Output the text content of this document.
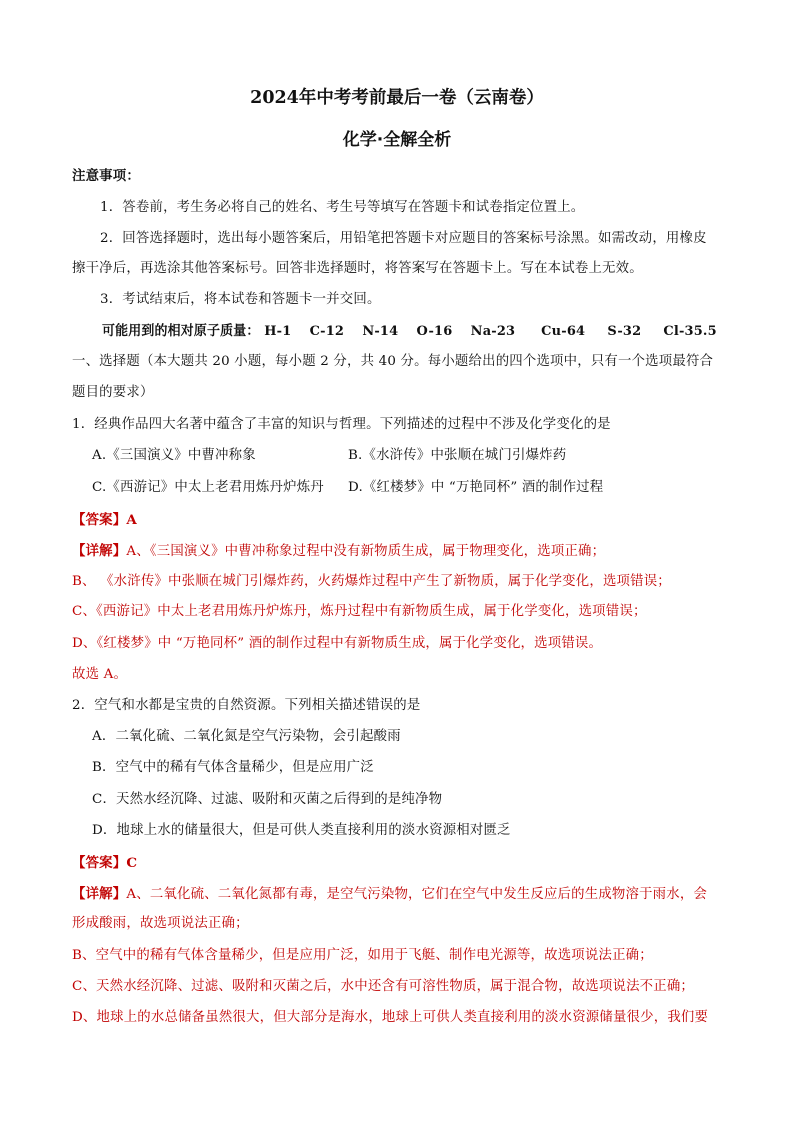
2024年中考考前最后一卷（云南卷）
化学·全解全析
注意事项：
1．答卷前，考生务必将自己的姓名、考生号等填写在答题卡和试卷指定位置上。
2．回答选择题时，选出每小题答案后，用铅笔把答题卡对应题目的答案标号涂黑。如需改动，用橡皮
擦干净后，再选涂其他答案标号。回答非选择题时，将答案写在答题卡上。写在本试卷上无效。
3．考试结束后，将本试卷和答题卡一并交回。
可能用到的相对原子质量： H-1 C-12 N-14 O-16 Na-23 Cu-64 S-32 Cl-35.5
一、选择题（本大题共 20 小题，每小题 2 分，共 40 分。每小题给出的四个选项中，只有一个选项最符合
题目的要求）
1．经典作品四大名著中蕴含了丰富的知识与哲理。下列描述的过程中不涉及化学变化的是
A.《三国演义》中曹冲称象	B.《水浒传》中张顺在城门引爆炸药
C.《西游记》中太上老君用炼丹炉炼丹 D.《红楼梦》中 “万艳同杯” 酒的制作过程
【答案】A
【详解】A、《三国演义》中曹冲称象过程中没有新物质生成，属于物理变化，选项正确；
B、 《水浒传》中张顺在城门引爆炸药，火药爆炸过程中产生了新物质，属于化学变化，选项错误；
C、《西游记》中太上老君用炼丹炉炼丹，炼丹过程中有新物质生成，属于化学变化，选项错误；
D、《红楼梦》中 “万艳同杯” 酒的制作过程中有新物质生成，属于化学变化，选项错误。
故选 A。
2．空气和水都是宝贵的自然资源。下列相关描述错误的是
A．二氧化硫、二氧化氮是空气污染物，会引起酸雨
B．空气中的稀有气体含量稀少，但是应用广泛
C．天然水经沉降、过滤、吸附和灭菌之后得到的是纯净物
D．地球上水的储量很大，但是可供人类直接利用的淡水资源相对匮乏
【答案】C
【详解】A、二氧化硫、二氧化氮都有毒，是空气污染物，它们在空气中发生反应后的生成物溶于雨水，会
形成酸雨，故选项说法正确；
B、空气中的稀有气体含量稀少，但是应用广泛，如用于飞艇、制作电光源等，故选项说法正确；
C、天然水经沉降、过滤、吸附和灭菌之后，水中还含有可溶性物质，属于混合物，故选项说法不正确；
D、地球上的水总储备虽然很大，但大部分是海水，地球上可供人类直接利用的淡水资源储量很少，我们要
